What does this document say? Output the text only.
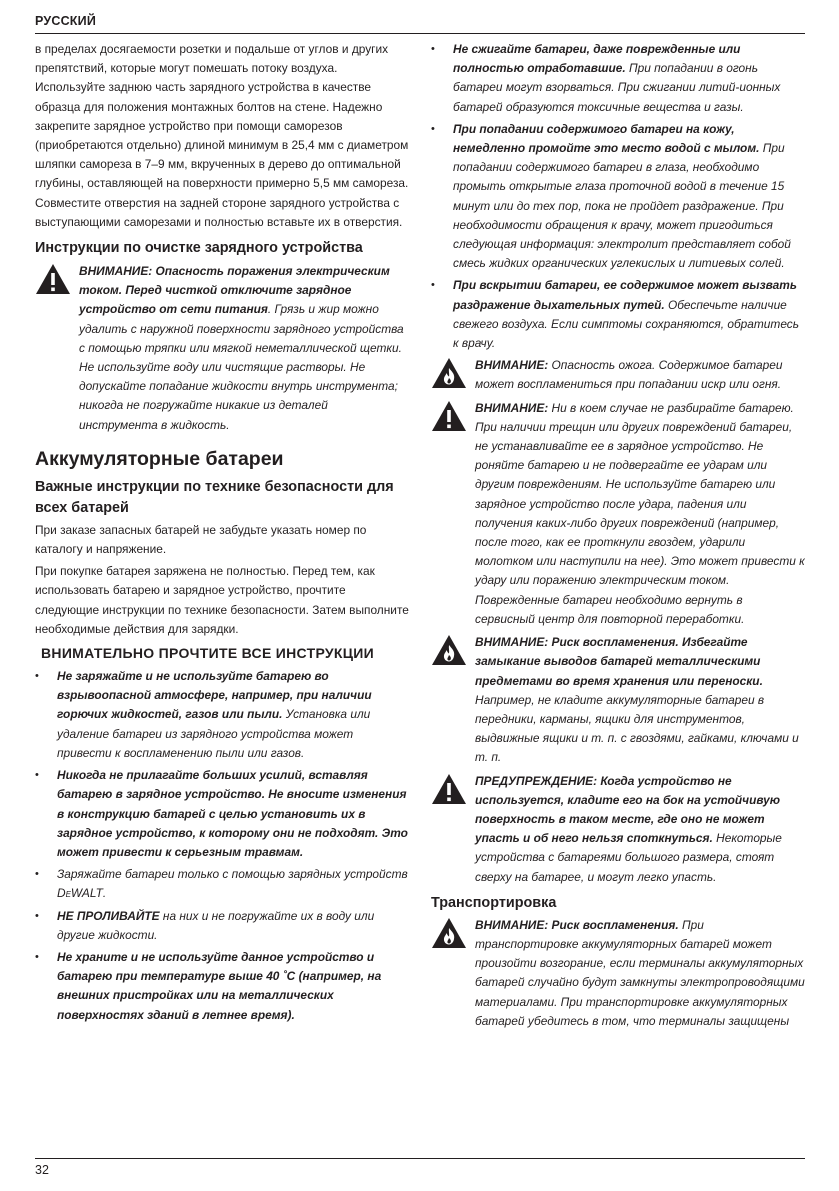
РУССКИЙ

в пределах досягаемости розетки и подальше от углов и других препятствий, которые могут помешать потоку воздуха. Используйте заднюю часть зарядного устройства в качестве образца для положения монтажных болтов на стене. Надежно закрепите зарядное устройство при помощи саморезов (приобретаются отдельно) длиной минимум в 25,4 мм с диаметром шляпки самореза в 7–9 мм, вкрученных в дерево до оптимальной глубины, оставляющей на поверхности примерно 5,5 мм самореза. Совместите отверстия на задней стороне зарядного устройства с выступающими саморезами и полностью вставьте их в отверстия.

Инструкции по очистке зарядного устройства
ВНИМАНИЕ: Опасность поражения электрическим током. Перед чисткой отключите зарядное устройство от сети питания. Грязь и жир можно удалить с наружной поверхности зарядного устройства с помощью тряпки или мягкой неметаллической щетки. Не используйте воду или чистящие растворы. Не допускайте попадание жидкости внутрь инструмента; никогда не погружайте никакие из деталей инструмента в жидкость.
Аккумуляторные батареи
Важные инструкции по технике безопасности для всех батарей

При заказе запасных батарей не забудьте указать номер по каталогу и напряжение.

При покупке батарея заряжена не полностью. Перед тем, как использовать батарею и зарядное устройство, прочтите следующие инструкции по технике безопасности. Затем выполните необходимые действия для зарядки.

ВНИМАТЕЛЬНО ПРОЧТИТЕ ВСЕ ИНСТРУКЦИИ
• Не заряжайте и не используйте батарею во взрывоопасной атмосфере, например, при наличии горючих жидкостей, газов или пыли. Установка или удаление батареи из зарядного устройства может привести к воспламенению пыли или газов.
• Никогда не прилагайте больших усилий, вставляя батарею в зарядное устройство. Не вносите изменения в конструкцию батарей с целью установить их в зарядное устройство, к которому они не подходят. Это может привести к серьезным травмам.
• Заряжайте батареи только с помощью зарядных устройств DeWALT.
• НЕ ПРОЛИВАЙТЕ на них и не погружайте их в воду или другие жидкости.
• Не храните и не используйте данное устройство и батарею при температуре выше 40 ˚C (например, на внешних пристройках или на металлических поверхностях зданий в летнее время).
• Не сжигайте батареи, даже поврежденные или полностью отработавшие. При попадании в огонь батареи могут взорваться. При сжигании литий-ионных батарей образуются токсичные вещества и газы.
• При попадании содержимого батареи на кожу, немедленно промойте это место водой с мылом. При попадании содержимого батареи в глаза, необходимо промыть открытые глаза проточной водой в течение 15 минут или до тех пор, пока не пройдет раздражение. При необходимости обращения к врачу, может пригодиться следующая информация: электролит представляет собой смесь жидких органических углекислых и литиевых солей.
• При вскрытии батареи, ее содержимое может вызвать раздражение дыхательных путей. Обеспечьте наличие свежего воздуха. Если симптомы сохраняются, обратитесь к врачу.
ВНИМАНИЕ: Опасность ожога. Содержимое батареи может воспламениться при попадании искр или огня.
ВНИМАНИЕ: Ни в коем случае не разбирайте батарею. При наличии трещин или других повреждений батареи, не устанавливайте ее в зарядное устройство. Не роняйте батарею и не подвергайте ее ударам или другим повреждениям. Не используйте батарею или зарядное устройство после удара, падения или получения каких-либо других повреждений (например, после того, как ее проткнули гвоздем, ударили молотком или наступили на нее). Это может привести к удару или поражению электрическим током. Поврежденные батареи необходимо вернуть в сервисный центр для повторной переработки.
ВНИМАНИЕ: Риск воспламенения. Избегайте замыкание выводов батарей металлическими предметами во время хранения или переноски. Например, не кладите аккумуляторные батареи в передники, карманы, ящики для инструментов, выдвижные ящики и т. п. с гвоздями, гайками, ключами и т. п.
ПРЕДУПРЕЖДЕНИЕ: Когда устройство не используется, кладите его на бок на устойчивую поверхность в таком месте, где оно не может упасть и об него нельзя споткнуться. Некоторые устройства с батареями большого размера, стоят сверху на батарее, и могут легко упасть.
Транспортировка
ВНИМАНИЕ: Риск воспламенения. При транспортировке аккумуляторных батарей может произойти возгорание, если терминалы аккумуляторных батарей случайно будут замкнуты электропроводящими материалами. При транспортировке аккумуляторных батарей убедитесь в том, что терминалы защищены
32
